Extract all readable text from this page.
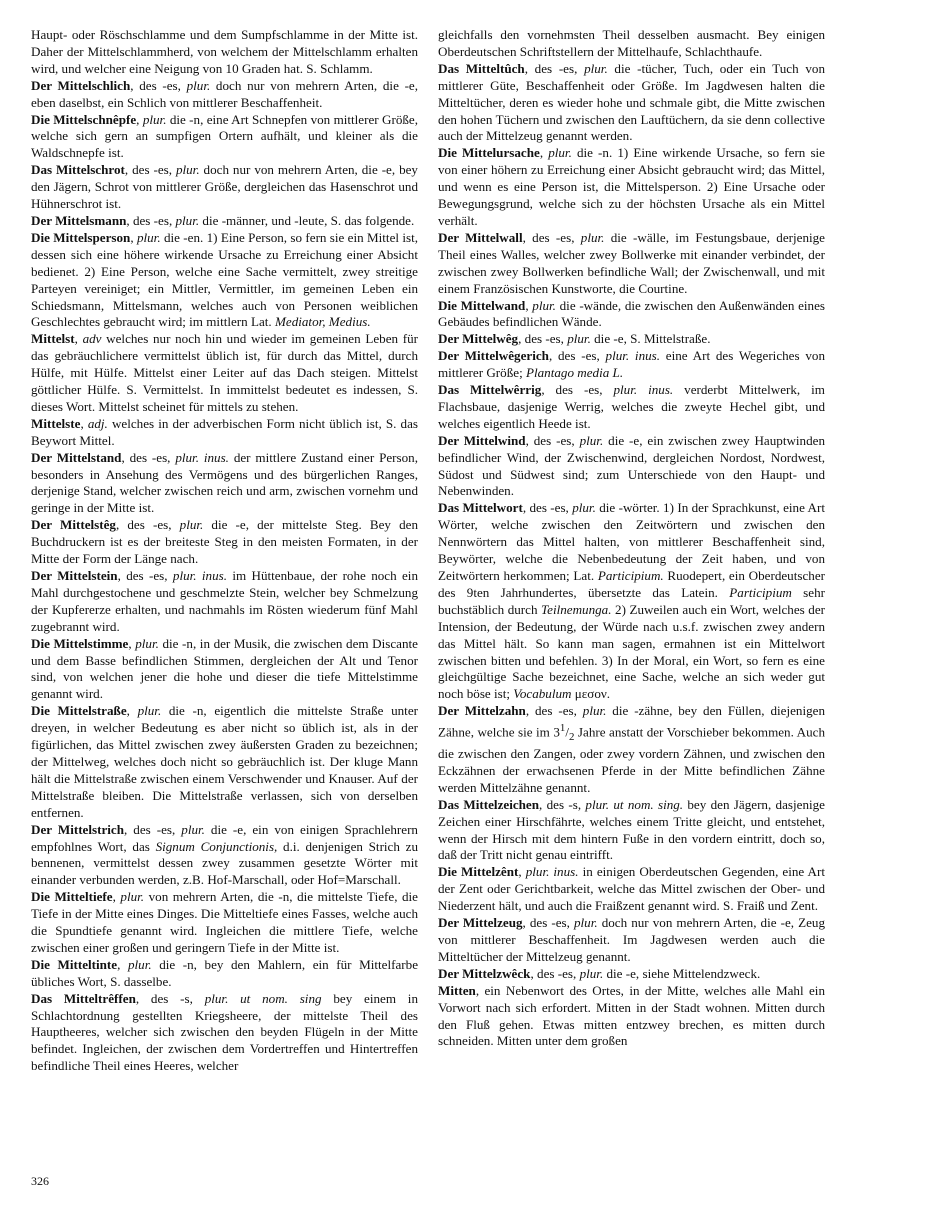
Haupt- oder Röschschlamme und dem Sumpfschlamme in der Mitte ist. Daher der Mittelschlammherd, von welchem der Mittelschlamm erhalten wird, und welcher eine Neigung von 10 Graden hat. S. Schlamm.

Der Mittelschlich, des -es, plur. doch nur von mehrern Arten, die -e, eben daselbst, ein Schlich von mittlerer Beschaffenheit.

Die Mittelschnêpfe, plur. die -n, eine Art Schnepfen von mittlerer Größe, welche sich gern an sumpfigen Ortern aufhält, und kleiner als die Waldschnepfe ist.

Das Mittelschrot, des -es, plur. doch nur von mehrern Arten, die -e, bey den Jägern, Schrot von mittlerer Größe, dergleichen das Hasenschrot und Hühnerschrot ist.

Der Mittelsmann, des -es, plur. die -männer, und -leute, S. das folgende.

Die Mittelsperson, plur. die -en. 1) Eine Person, so fern sie ein Mittel ist, dessen sich eine höhere wirkende Ursache zu Erreichung einer Absicht bedienet. 2) Eine Person, welche eine Sache vermittelt, zwey streitige Parteyen vereiniget; ein Mittler, Vermittler, im gemeinen Leben ein Schiedsmann, Mittelsmann, welches auch von Personen weiblichen Geschlechtes gebraucht wird; im mittlern Lat. Mediator, Medius.

Mittelst, adv welches nur noch hin und wieder im gemeinen Leben für das gebräuchlichere vermittelst üblich ist, für durch das Mittel, durch Hülfe, mit Hülfe. Mittelst einer Leiter auf das Dach steigen. Mittelst göttlicher Hülfe. S. Vermittelst. In immittelst bedeutet es indessen, S. dieses Wort. Mittelst scheinet für mittels zu stehen.

Mittelste, adj. welches in der adverbischen Form nicht üblich ist, S. das Beywort Mittel.

Der Mittelstand, des -es, plur. inus. der mittlere Zustand einer Person, besonders in Ansehung des Vermögens und des bürgerlichen Ranges, derjenige Stand, welcher zwischen reich und arm, zwischen vornehm und geringe in der Mitte ist.

Der Mittelstêg, des -es, plur. die -e, der mittelste Steg. Bey den Buchdruckern ist es der breiteste Steg in den meisten Formaten, in der Mitte der Form der Länge nach.

Der Mittelstein, des -es, plur. inus. im Hüttenbaue, der rohe noch ein Mahl durchgestochene und geschmelzte Stein, welcher bey Schmelzung der Kupfererze erhalten, und nachmahls im Rösten wiederum fünf Mahl zugebrannt wird.

Die Mittelstimme, plur. die -n, in der Musik, die zwischen dem Discante und dem Basse befindlichen Stimmen, dergleichen der Alt und Tenor sind, von welchen jener die hohe und dieser die tiefe Mittelstimme genannt wird.

Die Mittelstraße, plur. die -n, eigentlich die mittelste Straße unter dreyen, in welcher Bedeutung es aber nicht so üblich ist, als in der figürlichen, das Mittel zwischen zwey äußersten Graden zu bezeichnen; der Mittelweg, welches doch nicht so gebräuchlich ist. Der kluge Mann hält die Mittelstraße zwischen einem Verschwender und Knauser. Auf der Mittelstraße bleiben. Die Mittelstraße verlassen, sich von derselben entfernen.

Der Mittelstrich, des -es, plur. die -e, ein von einigen Sprachlehrern empfohlnes Wort, das Signum Conjunctionis, d.i. denjenigen Strich zu bennenen, vermittelst dessen zwey zusammen gesetzte Wörter mit einander verbunden werden, z.B. Hof-Marschall, oder Hof=Marschall.

Die Mitteltiefe, plur. von mehrern Arten, die -n, die mittelste Tiefe, die Tiefe in der Mitte eines Dinges. Die Mitteltiefe eines Fasses, welche auch die Spundtiefe genannt wird. Ingleichen die mittlere Tiefe, welche zwischen einer großen und geringern Tiefe in der Mitte ist.

Die Mitteltinte, plur. die -n, bey den Mahlern, ein für Mittelfarbe übliches Wort, S. dasselbe.

Das Mitteltrêffen, des -s, plur. ut nom. sing bey einem in Schlachtordnung gestellten Kriegsheere, der mittelste Theil des Hauptheeres, welcher sich zwischen den beyden Flügeln in der Mitte befindet. Ingleichen, der zwischen dem Vordertreffen und Hintertreffen befindliche Theil eines Heeres, welcher

gleichfalls den vornehmsten Theil desselben ausmacht. Bey einigen Oberdeutschen Schriftstellern der Mittelhaufe, Schlachthaufe.

Das Mitteltûch, des -es, plur. die -tücher, Tuch, oder ein Tuch von mittlerer Güte, Beschaffenheit oder Größe. Im Jagdwesen halten die Mitteltücher, deren es wieder hohe und schmale gibt, die Mitte zwischen den hohen Tüchern und zwischen den Lauftüchern, da sie denn collective auch der Mittelzeug genannt werden.

Die Mittelursache, plur. die -n. 1) Eine wirkende Ursache, so fern sie von einer höhern zu Erreichung einer Absicht gebraucht wird; das Mittel, und wenn es eine Person ist, die Mittelsperson. 2) Eine Ursache oder Bewegungsgrund, welche sich zu der höchsten Ursache als ein Mittel verhält.

Der Mittelwall, des -es, plur. die -wälle, im Festungsbaue, derjenige Theil eines Walles, welcher zwey Bollwerke mit einander verbindet, der zwischen zwey Bollwerken befindliche Wall; der Zwischenwall, und mit einem Französischen Kunstworte, die Courtine.

Die Mittelwand, plur. die -wände, die zwischen den Außenwänden eines Gebäudes befindlichen Wände.

Der Mittelwêg, des -es, plur. die -e, S. Mittelstraße.

Der Mittelwêgerich, des -es, plur. inus. eine Art des Wegeriches von mittlerer Größe; Plantago media L.

Das Mittelwêrrig, des -es, plur. inus. verderbt Mittelwerk, im Flachsbaue, dasjenige Werrig, welches die zweyte Hechel gibt, und welches eigentlich Heede ist.

Der Mittelwind, des -es, plur. die -e, ein zwischen zwey Hauptwinden befindlicher Wind, der Zwischenwind, dergleichen Nordost, Nordwest, Südost und Südwest sind; zum Unterschiede von den Haupt- und Nebenwinden.

Das Mittelwort, des -es, plur. die -wörter. 1) In der Sprachkunst, eine Art Wörter, welche zwischen den Zeitwörtern und zwischen den Nennwörtern das Mittel halten, von mittlerer Beschaffenheit sind, Beywörter, welche die Nebenbedeutung der Zeit haben, und von Zeitwörtern herkommen; Lat. Participium. Ruodepert, ein Oberdeutscher des 9ten Jahrhundertes, übersetzte das Latein. Participium sehr buchstäblich durch Teilnemunga. 2) Zuweilen auch ein Wort, welches der Intension, der Bedeutung, der Würde nach u.s.f. zwischen zwey andern das Mittel hält. So kann man sagen, ermahnen ist ein Mittelwort zwischen bitten und befehlen. 3) In der Moral, ein Wort, so fern es eine gleichgültige Sache bezeichnet, eine Sache, welche an sich weder gut noch böse ist; Vocabulum μεσον.

Der Mittelzahn, des -es, plur. die -zähne, bey den Füllen, diejenigen Zähne, welche sie im $3^1/_2$ Jahre anstatt der Vorschieber bekommen. Auch die zwischen den Zangen, oder zwey vordern Zähnen, und zwischen den Eckzähnen der erwachsenen Pferde in der Mitte befindlichen Zähne werden Mittelzähne genannt.

Das Mittelzeichen, des -s, plur. ut nom. sing. bey den Jägern, dasjenige Zeichen einer Hirschfährte, welches einem Tritte gleicht, und entstehet, wenn der Hirsch mit dem hintern Fuße in den vordern eintritt, doch so, daß der Tritt nicht genau eintrifft.

Die Mittelzênt, plur. inus. in einigen Oberdeutschen Gegenden, eine Art der Zent oder Gerichtbarkeit, welche das Mittel zwischen der Ober- und Niederzent hält, und auch die Fraißzent genannt wird. S. Fraiß und Zent.

Der Mittelzeug, des -es, plur. doch nur von mehrern Arten, die -e, Zeug von mittlerer Beschaffenheit. Im Jagdwesen werden auch die Mitteltücher der Mittelzeug genannt.

Der Mittelzwêck, des -es, plur. die -e, siehe Mittelendzweck.

Mitten, ein Nebenwort des Ortes, in der Mitte, welches alle Mahl ein Vorwort nach sich erfordert. Mitten in der Stadt wohnen. Mitten durch den Fluß gehen. Etwas mitten entzwey brechen, es mitten durch schneiden. Mitten unter dem großen

326
